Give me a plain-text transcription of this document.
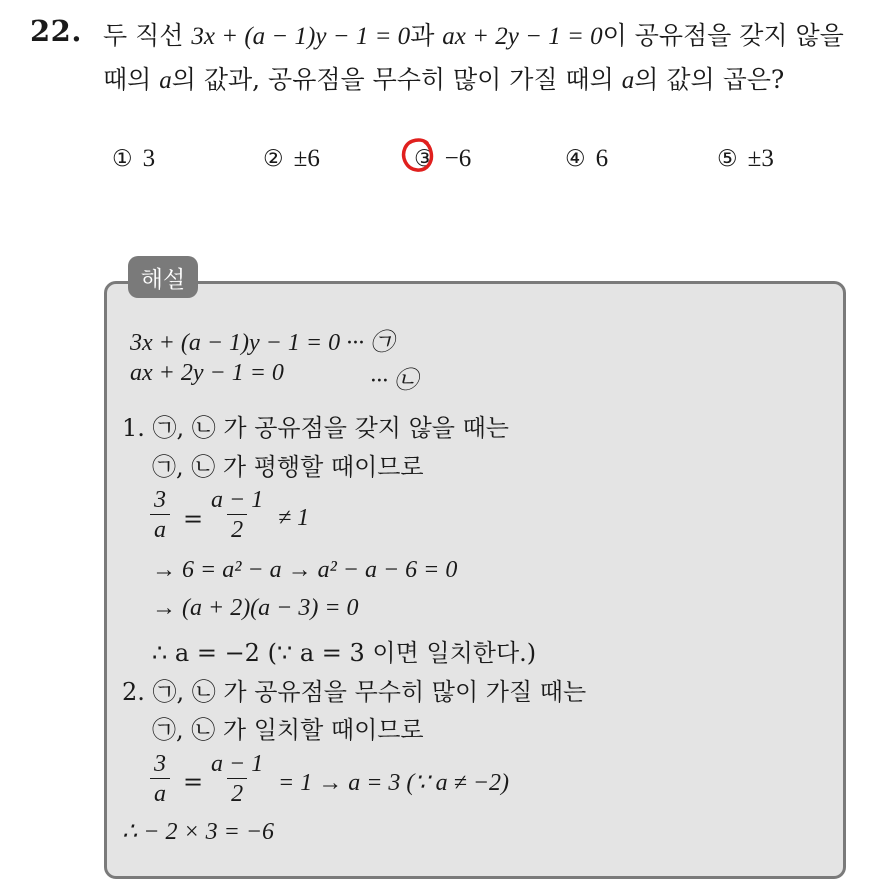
22. 두 직선 3x + (a − 1)y − 1 = 0과 ax + 2y − 1 = 0이 공유점을 갖지 않을
때의 a의 값과, 공유점을 무수히 많이 가질 때의 a의 값의 곱은?
① 3	② ±6	③ −6	④ 6	⑤ ±3
해설
3x + (a − 1)y − 1 = 0 ··· ㉠
ax + 2y − 1 = 0	··· ㉡
1. ㉠, ㉡ 가 공유점을 갖지 않을 때는
㉠, ㉡ 가 평행할 때이므로
$\frac{3}{a} = \frac{a - 1}{2} \ne 1$
→ 6 = a² − a → a² − a − 6 = 0
→ (a + 2)(a − 3) = 0
∴ a = −2 (∵ a = 3 이면 일치한다.)
2. ㉠, ㉡ 가 공유점을 무수히 많이 가질 때는
㉠, ㉡ 가 일치할 때이므로
$\frac{3}{a} = \frac{a - 1}{2} = 1 \to a = 3$ (∵ a ≠ −2)
∴ − 2 × 3 = −6
